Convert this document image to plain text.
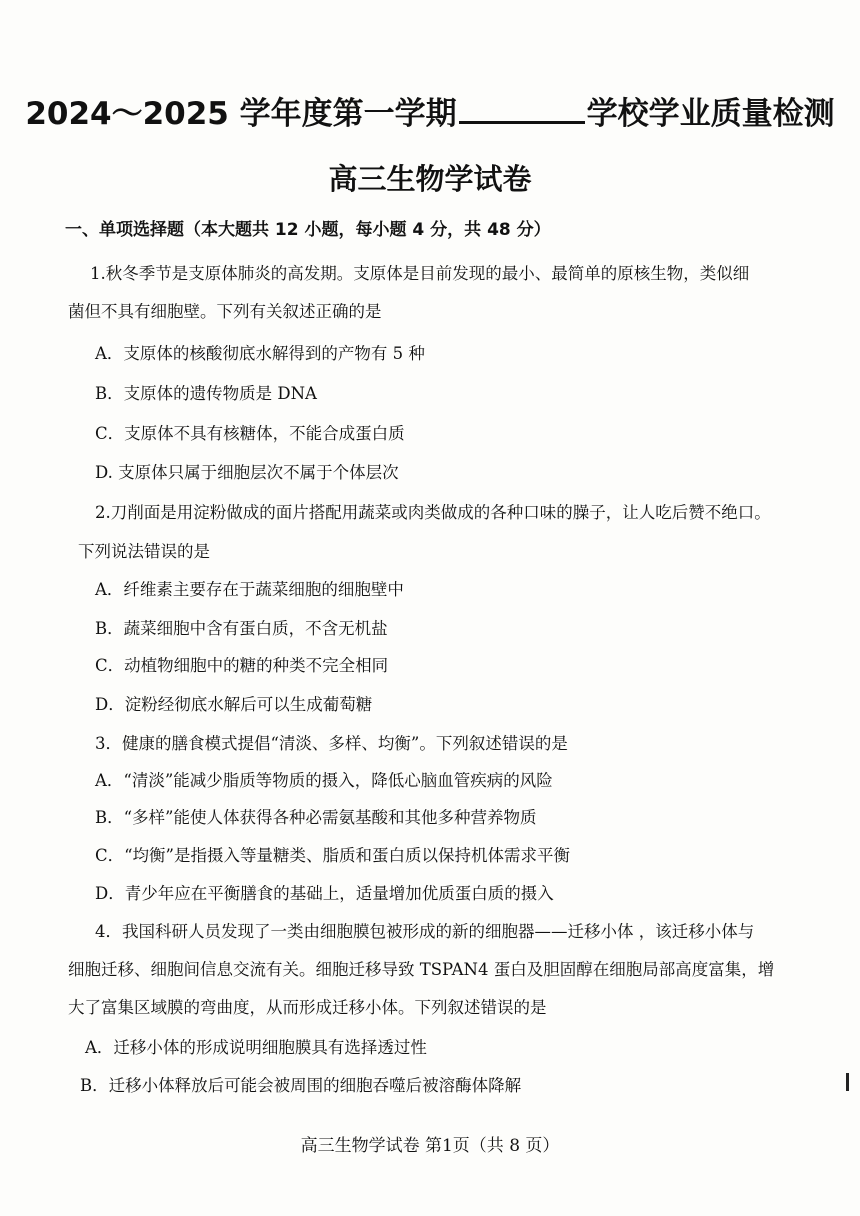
2024～2025 学年度第一学期	学校学业质量检测
高三生物学试卷
一、单项选择题（本大题共 12 小题，每小题 4 分，共 48 分）
1.秋冬季节是支原体肺炎的高发期。支原体是目前发现的最小、最简单的原核生物，类似细
菌但不具有细胞壁。下列有关叙述正确的是
A．支原体的核酸彻底水解得到的产物有 5 种
B．支原体的遗传物质是 DNA
C．支原体不具有核糖体，不能合成蛋白质
D. 支原体只属于细胞层次不属于个体层次
2.刀削面是用淀粉做成的面片搭配用蔬菜或肉类做成的各种口味的臊子，让人吃后赞不绝口。
下列说法错误的是
A．纤维素主要存在于蔬菜细胞的细胞壁中
B．蔬菜细胞中含有蛋白质，不含无机盐
C．动植物细胞中的糖的种类不完全相同
D．淀粉经彻底水解后可以生成葡萄糖
3．健康的膳食模式提倡“清淡、多样、均衡”。下列叙述错误的是
A．“清淡”能减少脂质等物质的摄入，降低心脑血管疾病的风险
B．“多样”能使人体获得各种必需氨基酸和其他多种营养物质
C．“均衡”是指摄入等量糖类、脂质和蛋白质以保持机体需求平衡
D．青少年应在平衡膳食的基础上，适量增加优质蛋白质的摄入
4．我国科研人员发现了一类由细胞膜包被形成的新的细胞器——迁移小体 ，该迁移小体与
细胞迁移、细胞间信息交流有关。细胞迁移导致 TSPAN4 蛋白及胆固醇在细胞局部高度富集，增
大了富集区域膜的弯曲度，从而形成迁移小体。下列叙述错误的是
A．迁移小体的形成说明细胞膜具有选择透过性
B．迁移小体释放后可能会被周围的细胞吞噬后被溶酶体降解
高三生物学试卷 第1页（共 8 页）
